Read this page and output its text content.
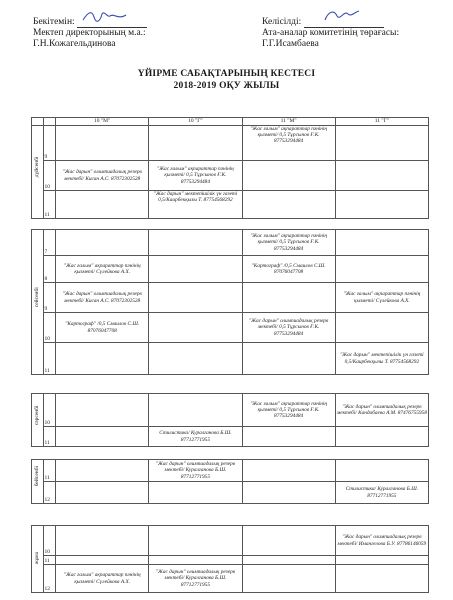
Бекітемін:
Мектеп директорының м.а.:
Г.Н.Кожагельдинова
Келісілді:
Ата-аналар комитетінің төрағасы:
Г.Г.Исамбаева
ҮЙІРМЕ САБАҚТАРЫНЫҢ КЕСТЕСІ
2018-2019 ОҚУ ЖЫЛЫ
		10 "М"	10 "Г"	11 "М"	11 "Г"

дүйсенбі	9			"Жас ғалым" ақпараттар пәнінің қызметі/ 0,5 Тұрсынов Ғ.К. 87753294484	
	10	"Жас дарын" олимпиадалық резерв мектебі/ Кисан А.С. 87072302528	"Жас ғалым" ақпараттар пәнінің қызметі/ 0,5 Тұрсынов Ғ.К. 87753294484		
	11		"Жас дарын" мектепішілік үн газеті 0,5/Каирбекқызы Т. 87754568292		
сейсенбі	7			"Жас ғалым" ақпараттар пәнінің қызметі/ 0,5 Тұрсынов Ғ.К. 87753294484	
	8	"Жас ғалым" ақпараттар пәнінің қызметі/ Сүлейкова А.Х.		"Картограф" /0,5 Смаилов С.Ш. 87076047708	
	9	"Жас дарын" олимпиадалық резерв мектебі/ Кисан А.С. 87072302528			"Жас ғалым" ақпараттар пәнінің қызметі/ Сүлейкова А.Х.
	10	"Картограф" /0,5 Смаилов С.Ш. 87076047708		"Жас дарын" олимпиадалық резерв мектебі/ 0,5 Тұрсынов Ғ.К. 87753294484	
	11				"Жас дарын" мектепішілік үн газеті 0,5/Каирбекқызы Т. 87754568292
сәрсенбі	10			"Жас ғалым" ақпараттар пәнінің қызметі/ 0,5 Тұрсынов Ғ.К. 87753294484	"Жас дарын" олимпиадалық резерв мектебі/ Кандабаева А.М. 87476755958
	11		Стилистика/ Куралганова Б.Ш. 87712771955		
бейсенбі	11		"Жас дарын" олимпиадалық резерв мектебі/ Куралганова Б.Ш. 87712771955		
	12				Стилистика/ Куралганова Б.Ш. 87712771955
жұма	10				"Жас дарын" олимпиадалық резерв мектебі/ Имангелова Б.У. 87786146059
	11				
	12	"Жас ғалым" ақпараттар пәнінің қызметі/ Сүлейкова А.Х.	"Жас дарын" олимпиадалық резерв мектебі/ Куралганова Б.Ш. 87712771955		
